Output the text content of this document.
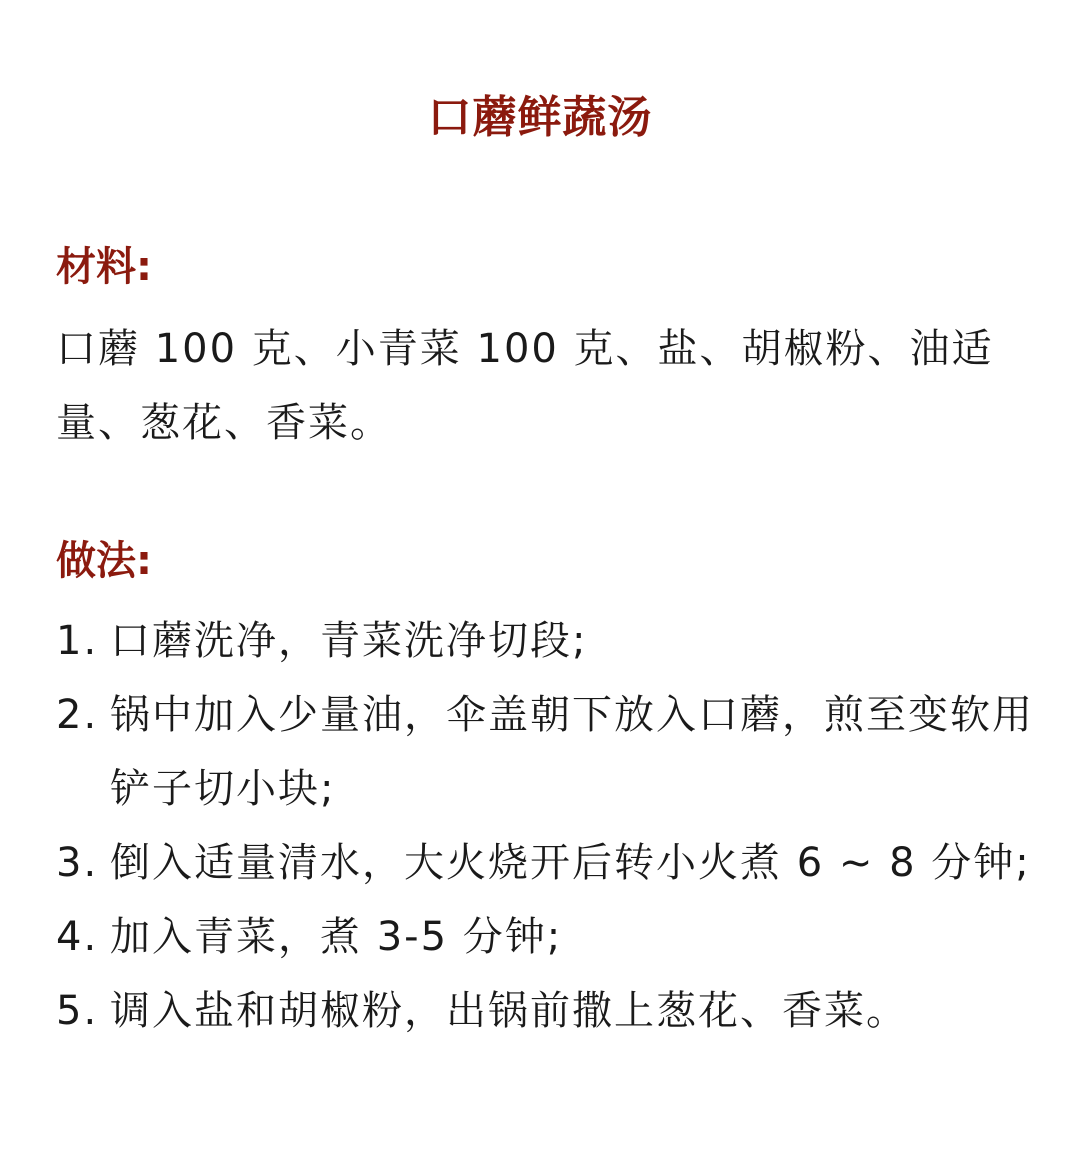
口蘑鲜蔬汤
材料:
口蘑 100 克、小青菜 100 克、盐、胡椒粉、油适量、葱花、香菜。
做法:
1. 口蘑洗净，青菜洗净切段;
2. 锅中加入少量油，伞盖朝下放入口蘑，煎至变软用铲子切小块;
3. 倒入适量清水，大火烧开后转小火煮 6 ~ 8 分钟;
4. 加入青菜，煮 3-5 分钟;
5. 调入盐和胡椒粉，出锅前撒上葱花、香菜。
